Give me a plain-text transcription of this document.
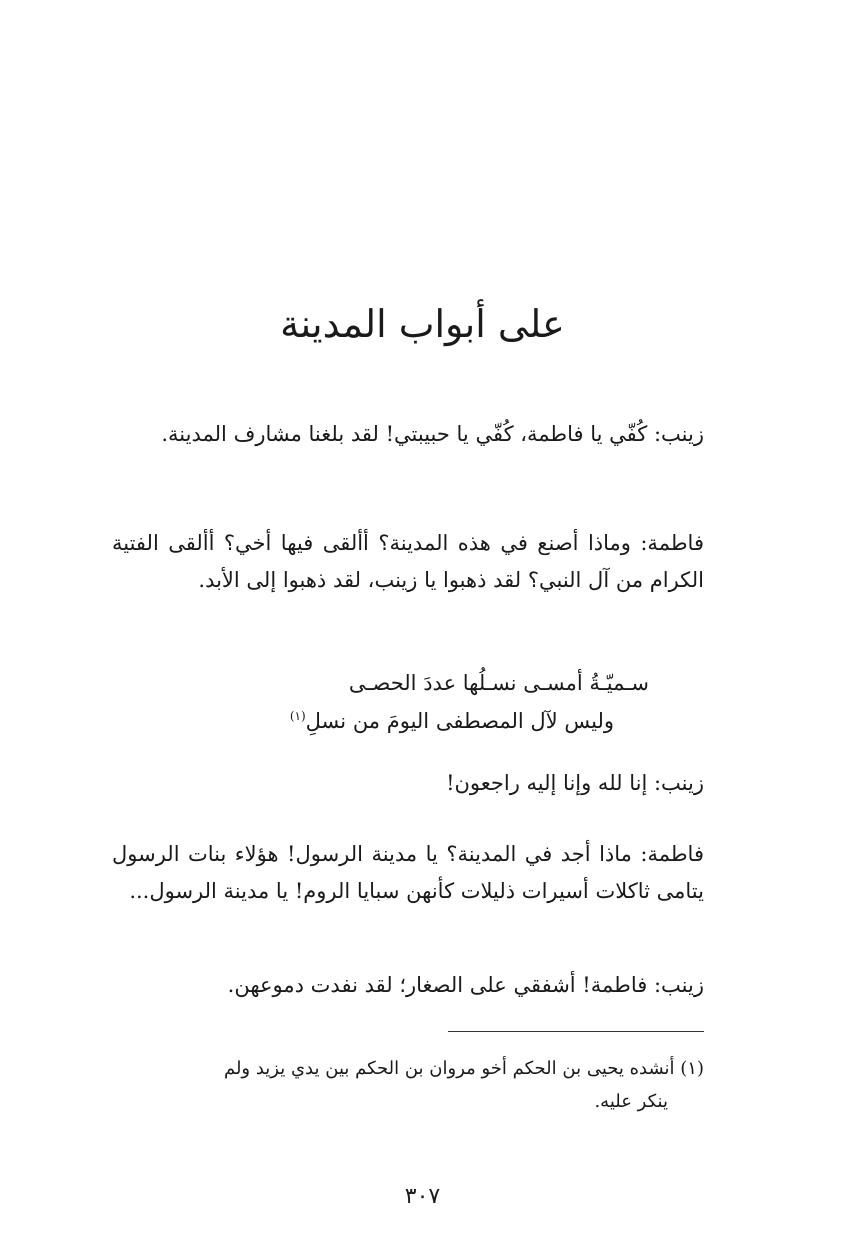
على أبواب المدينة

زينب: كُفّي يا فاطمة، كُفّي يا حبيبتي! لقد بلغنا مشارف المدينة.

فاطمة: وماذا أصنع في هذه المدينة؟ أألقى فيها أخي؟ أألقى الفتية الكرام من آل النبي؟ لقد ذهبوا يا زينب، لقد ذهبوا إلى الأبد.

سـميّـةُ أمسـى نسـلُها عددَ الحصـى
وليس لآل المصطفى اليومَ من نسلِ$^{(١)}$

زينب: إنا لله وإنا إليه راجعون!

فاطمة: ماذا أجد في المدينة؟ يا مدينة الرسول! هؤلاء بنات الرسول يتامى ثاكلات أسيرات ذليلات كأنهن سبايا الروم! يا مدينة الرسول...

زينب: فاطمة! أشفقي على الصغار؛ لقد نفدت دموعهن.

(١) أنشده يحيى بن الحكم أخو مروان بن الحكم بين يدي يزيد ولم
ينكر عليه.

٣٠٧
